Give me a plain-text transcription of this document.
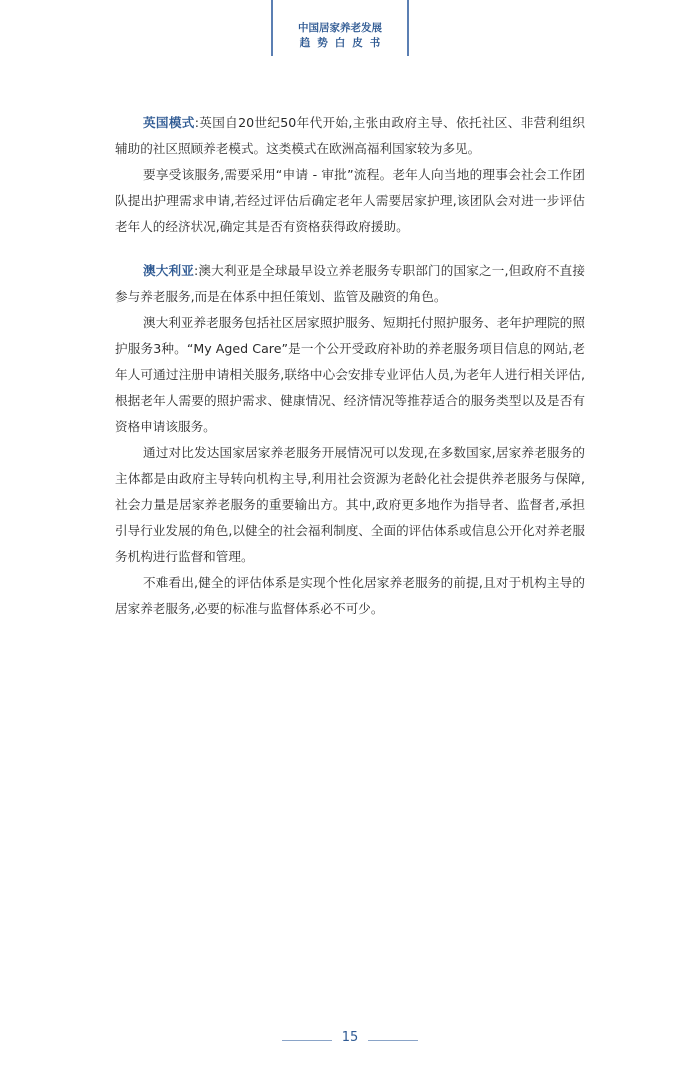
中国居家养老发展
趋势白皮书

英国模式:英国自20世纪50年代开始,主张由政府主导、依托社区、非营利组织辅助的社区照顾养老模式。这类模式在欧洲高福利国家较为多见。

要享受该服务,需要采用“申请 - 审批”流程。老年人向当地的理事会社会工作团队提出护理需求申请,若经过评估后确定老年人需要居家护理,该团队会对进一步评估老年人的经济状况,确定其是否有资格获得政府援助。

澳大利亚:澳大利亚是全球最早设立养老服务专职部门的国家之一,但政府不直接参与养老服务,而是在体系中担任策划、监管及融资的角色。

澳大利亚养老服务包括社区居家照护服务、短期托付照护服务、老年护理院的照护服务3种。“My Aged Care”是一个公开受政府补助的养老服务项目信息的网站,老年人可通过注册申请相关服务,联络中心会安排专业评估人员,为老年人进行相关评估,根据老年人需要的照护需求、健康情况、经济情况等推荐适合的服务类型以及是否有资格申请该服务。

通过对比发达国家居家养老服务开展情况可以发现,在多数国家,居家养老服务的主体都是由政府主导转向机构主导,利用社会资源为老龄化社会提供养老服务与保障,社会力量是居家养老服务的重要输出方。其中,政府更多地作为指导者、监督者,承担引导行业发展的角色,以健全的社会福利制度、全面的评估体系或信息公开化对养老服务机构进行监督和管理。

不难看出,健全的评估体系是实现个性化居家养老服务的前提,且对于机构主导的居家养老服务,必要的标准与监督体系必不可少。

15
